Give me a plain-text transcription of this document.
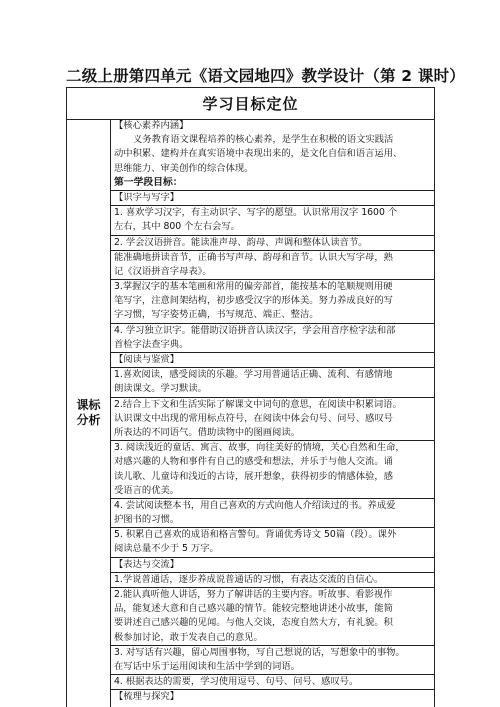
二级上册第四单元《语文园地四》教学设计（第 2 课时）
学习目标定位
课标分析
【核心素养内涵】
义务教育语文课程培养的核心素养，是学生在积极的语文实践活
动中积累、建构并在真实语境中表现出来的，是文化自信和语言运用、
思维能力、审美创作的综合体现。
第一学段目标：
【识字与写字】
1. 喜欢学习汉字，有主动识字、写字的愿望。认识常用汉字 1600 个
左右，其中 800 个左右会写。
2. 学会汉语拼音。能读准声母、韵母、声调和整体认读音节。
能准确地拼读音节，正确书写声母、韵母和音节。认识大写字母，熟
记《汉语拼音字母表》。
3.掌握汉字的基本笔画和常用的偏旁部首，能按基本的笔顺规则用硬
笔写字，注意间架结构，初步感受汉字的形体美。努力养成良好的写
字习惯，写字姿势正确，书写规范、端正、整洁。
4. 学习独立识字。能借助汉语拼音认读汉字，学会用音序检字法和部
首检字法查字典。
【阅读与鉴赏】
1.喜欢阅读，感受阅读的乐趣。学习用普通话正确、流利、有感情地
朗读课文。学习默读。
2.结合上下文和生活实际了解课文中词句的意思，在阅读中积累词语。
认识课文中出现的常用标点符号，在阅读中体会句号、问号、感叹号
所表达的不同语气。借助读物中的图画阅读。
3. 阅读浅近的童话、寓言、故事，向往美好的情境，关心自然和生命，
对感兴趣的人物和事件有自己的感受和想法，并乐于与他人交流。诵
读儿歌、儿童诗和浅近的古诗，展开想象，获得初步的情感体验，感
受语言的优美。
4. 尝试阅读整本书，用自己喜欢的方式向他人介绍读过的书。养成爱
护图书的习惯。
5. 积累自己喜欢的成语和格言警句。背诵优秀诗文 50篇（段）。课外
阅读总量不少于 5 万字。
【表达与交流】
1.学说普通话，逐步养成说普通话的习惯，有表达交流的自信心。
2.能认真听他人讲话，努力了解讲话的主要内容。听故事、看影视作
品，能复述大意和自己感兴趣的情节。能较完整地讲述小故事，能简
要讲述自己感兴趣的见闻。与他人交谈，态度自然大方，有礼貌。积
极参加讨论，敢于发表自己的意见。
3. 对写话有兴趣，留心周围事物，写自己想说的话，写想象中的事物。
在写话中乐于运用阅读和生活中学到的词语。
4. 根据表达的需要，学习使用逗号、句号、问号、感叹号。
【梳理与探究】
